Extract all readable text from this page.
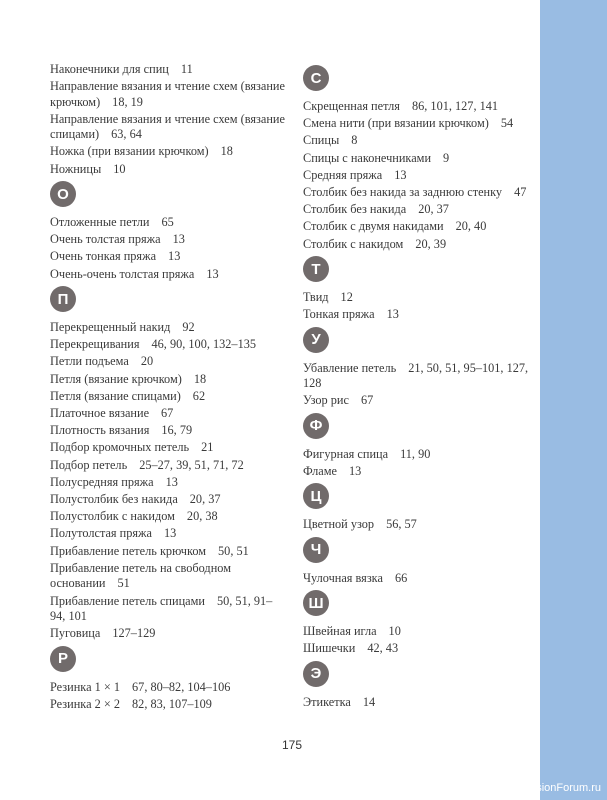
Наконечники для спиц 11
Направление вязания и чтение схем (вязание крючком) 18, 19
Направление вязания и чтение схем (вязание спицами) 63, 64
Ножка (при вязании крючком) 18
Ножницы 10
О
Отложенные петли 65
Очень толстая пряжа 13
Очень тонкая пряжа 13
Очень-очень толстая пряжа 13
П
Перекрещенный накид 92
Перекрещивания 46, 90, 100, 132–135
Петли подъема 20
Петля (вязание крючком) 18
Петля (вязание спицами) 62
Платочное вязание 67
Плотность вязания 16, 79
Подбор кромочных петель 21
Подбор петель 25–27, 39, 51, 71, 72
Полусредняя пряжа 13
Полустолбик без накида 20, 37
Полустолбик с накидом 20, 38
Полутолстая пряжа 13
Прибавление петель крючком 50, 51
Прибавление петель на свободном основании 51
Прибавление петель спицами 50, 51, 91–94, 101
Пуговица 127–129
Р
Резинка 1 × 1 67, 80–82, 104–106
Резинка 2 × 2 82, 83, 107–109
С
Скрещенная петля 86, 101, 127, 141
Смена нити (при вязании крючком) 54
Спицы 8
Спицы с наконечниками 9
Средняя пряжа 13
Столбик без накида за заднюю стенку 47
Столбик без накида 20, 37
Столбик с двумя накидами 20, 40
Столбик с накидом 20, 39
Т
Твид 12
Тонкая пряжа 13
У
Убавление петель 21, 50, 51, 95–101, 127, 128
Узор рис 67
Ф
Фигурная спица 11, 90
Фламе 13
Ц
Цветной узор 56, 57
Ч
Чулочная вязка 66
Ш
Швейная игла 10
Шишечки 42, 43
Э
Этикетка 14
175
PassionForum.ru
